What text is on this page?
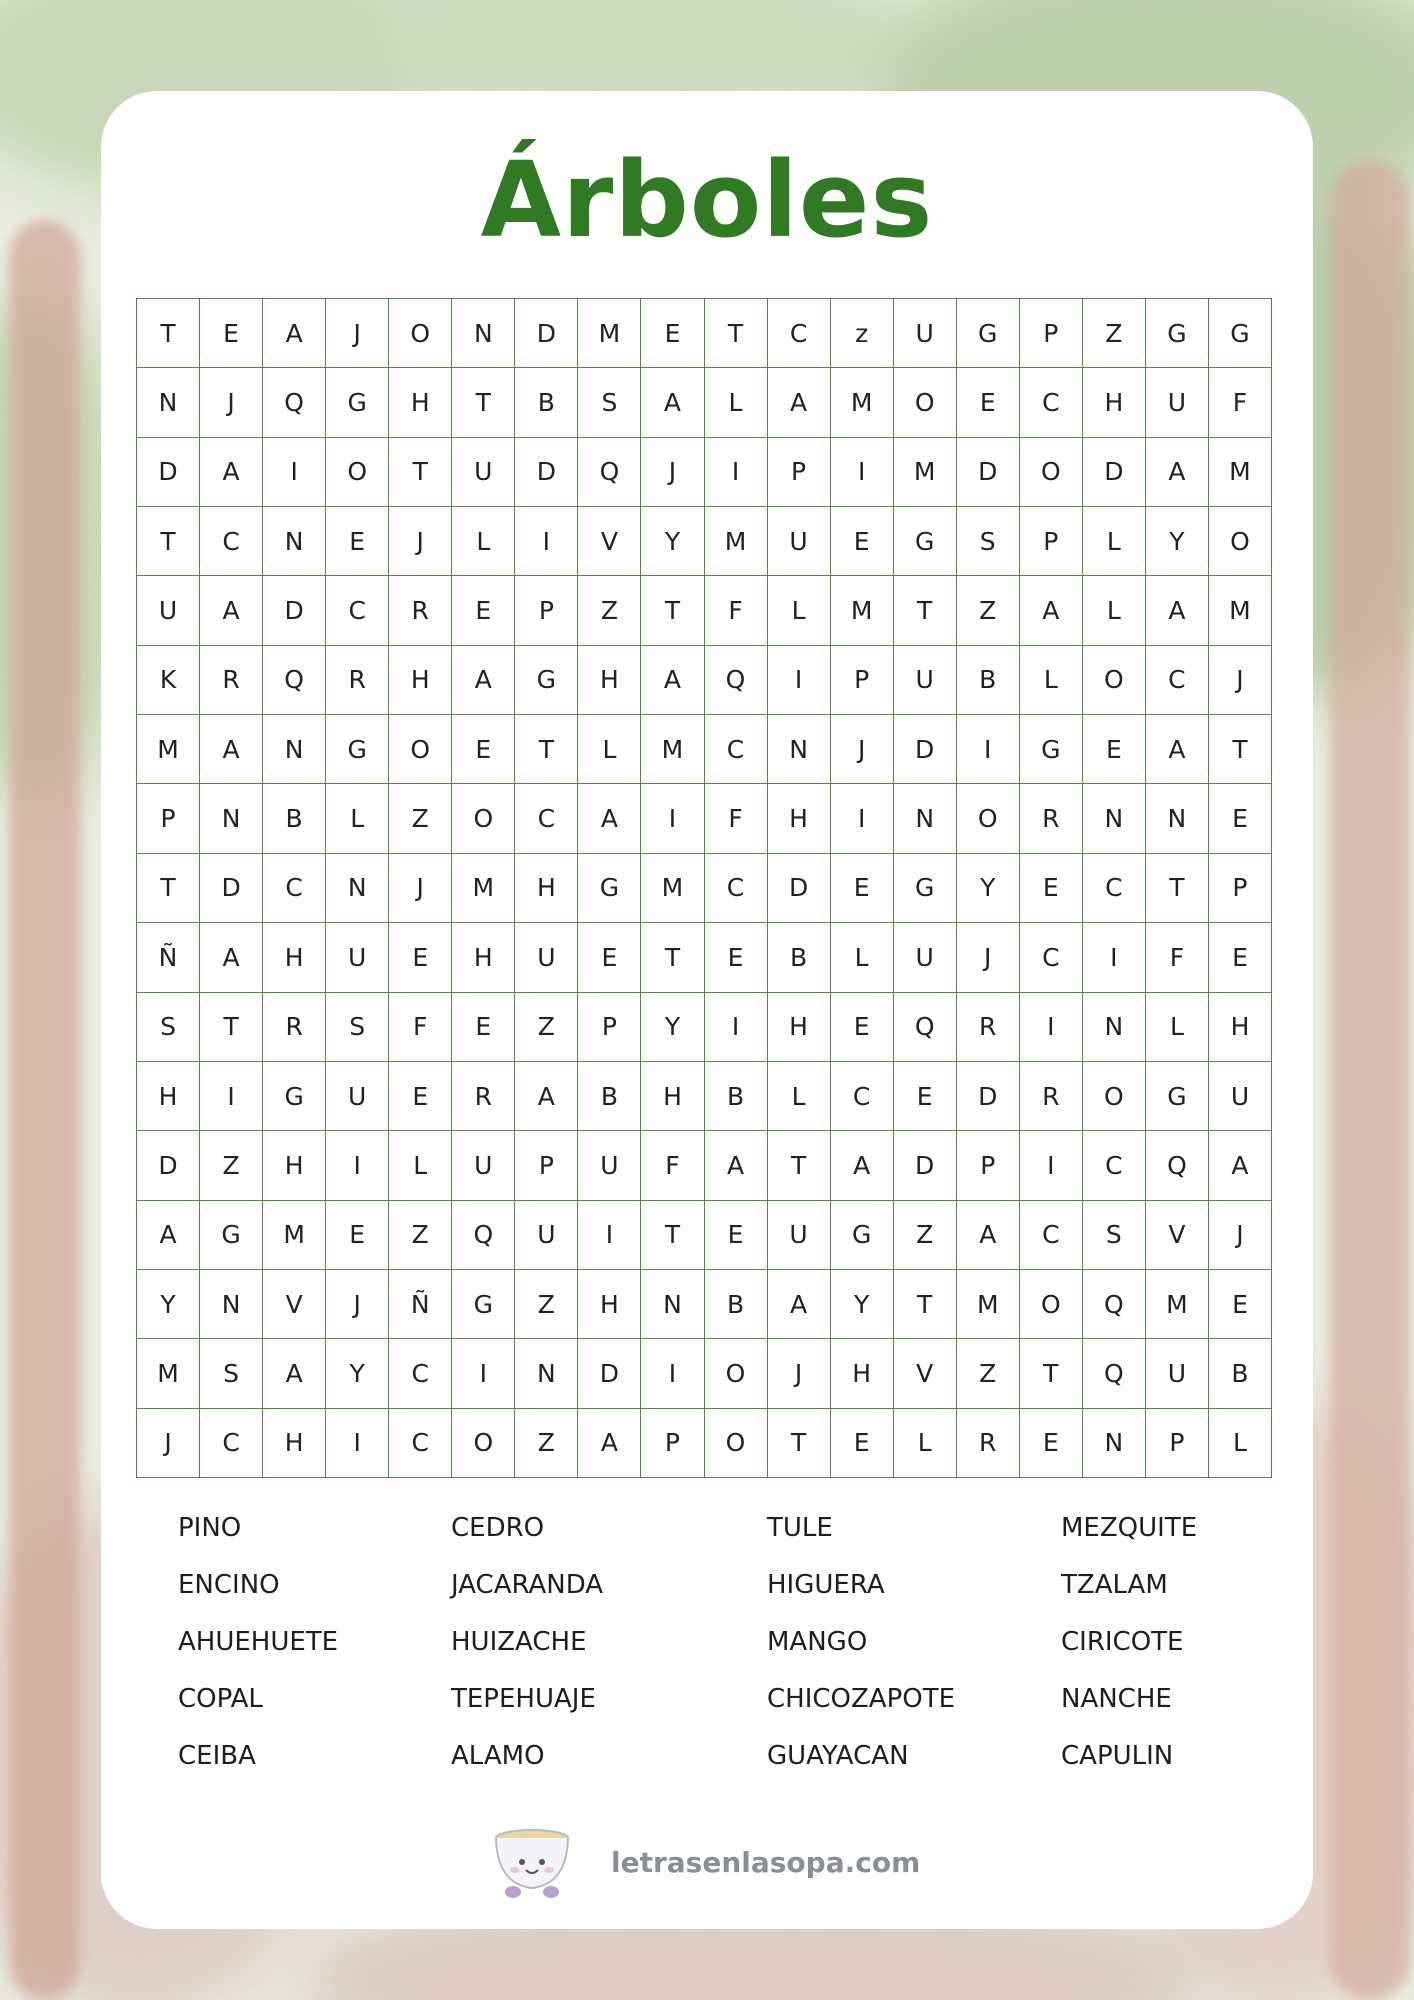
Árboles
T	E	A	J	O	N	D	M	E	T	C	z	U	G	P	Z	G	G
N	J	Q	G	H	T	B	S	A	L	A	M	O	E	C	H	U	F
D	A	I	O	T	U	D	Q	J	I	P	I	M	D	O	D	A	M
T	C	N	E	J	L	I	V	Y	M	U	E	G	S	P	L	Y	O
U	A	D	C	R	E	P	Z	T	F	L	M	T	Z	A	L	A	M
K	R	Q	R	H	A	G	H	A	Q	I	P	U	B	L	O	C	J
M	A	N	G	O	E	T	L	M	C	N	J	D	I	G	E	A	T
P	N	B	L	Z	O	C	A	I	F	H	I	N	O	R	N	N	E
T	D	C	N	J	M	H	G	M	C	D	E	G	Y	E	C	T	P
Ñ	A	H	U	E	H	U	E	T	E	B	L	U	J	C	I	F	E
S	T	R	S	F	E	Z	P	Y	I	H	E	Q	R	I	N	L	H
H	I	G	U	E	R	A	B	H	B	L	C	E	D	R	O	G	U
D	Z	H	I	L	U	P	U	F	A	T	A	D	P	I	C	Q	A
A	G	M	E	Z	Q	U	I	T	E	U	G	Z	A	C	S	V	J
Y	N	V	J	Ñ	G	Z	H	N	B	A	Y	T	M	O	Q	M	E
M	S	A	Y	C	I	N	D	I	O	J	H	V	Z	T	Q	U	B
J	C	H	I	C	O	Z	A	P	O	T	E	L	R	E	N	P	L
PINO
ENCINO
AHUEHUETE
COPAL
CEIBA
CEDRO
JACARANDA
HUIZACHE
TEPEHUAJE
ALAMO
TULE
HIGUERA
MANGO
CHICOZAPOTE
GUAYACAN
MEZQUITE
TZALAM
CIRICOTE
NANCHE
CAPULIN
letrasenlasopa.com
